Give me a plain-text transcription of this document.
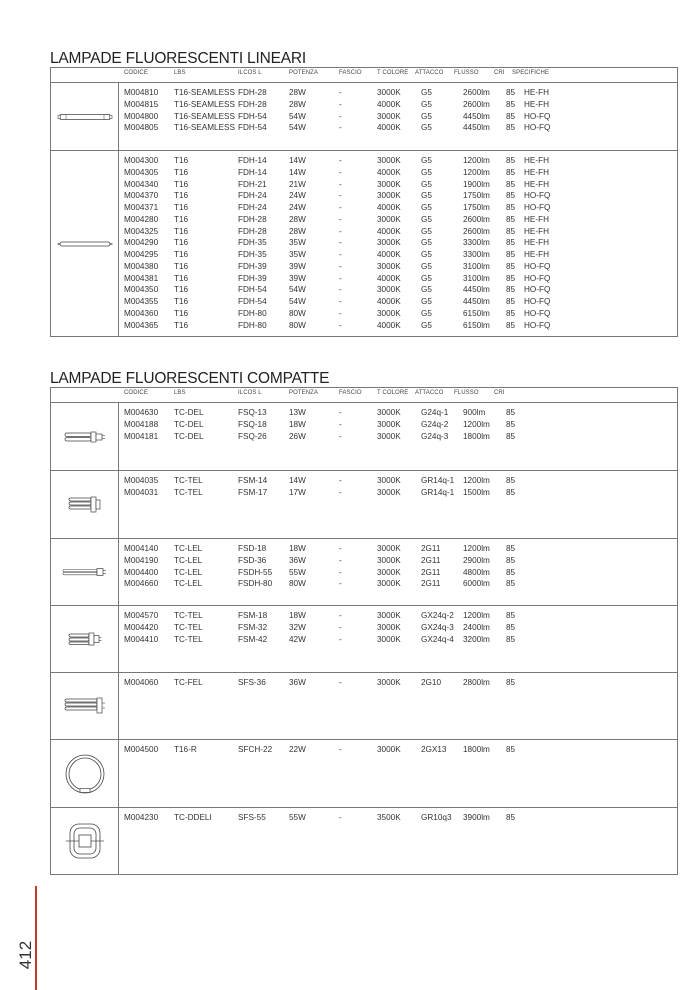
LAMPADE FLUORESCENTI LINEARI
CODICE	LBS	ILCOS L	POTENZA	FASCIO	T COLORE ATTACCO FLUSSO	CRI SPECIFICHE
M004810 T16-SEAMLESS FDH-28	28W	-	3000K G5	2600lm 85 HE-FH
M004815 T16-SEAMLESS FDH-28	28W	-	4000K G5	2600lm 85 HE-FH
M004800 T16-SEAMLESS FDH-54	54W	-	3000K G5	4450lm 85 HO-FQ
M004805 T16-SEAMLESS FDH-54	54W	-	4000K G5	4450lm 85 HO-FQ
M004300 T16	FDH-14	14W	-	3000K G5	1200lm 85 HE-FH
M004305 T16	FDH-14	14W	-	4000K G5	1200lm 85 HE-FH
M004340 T16	FDH-21	21W	-	3000K G5	1900lm 85 HE-FH
M004370 T16	FDH-24	24W	-	3000K G5	1750lm 85 HO-FQ
M004371 T16	FDH-24	24W	-	4000K G5	1750lm 85 HO-FQ
M004280 T16	FDH-28	28W	-	3000K G5	2600lm 85 HE-FH
M004325 T16	FDH-28	28W	-	4000K G5	2600lm 85 HE-FH
M004290 T16	FDH-35	35W	-	3000K G5	3300lm 85 HE-FH
M004295 T16	FDH-35	35W	-	4000K G5	3300lm 85 HE-FH
M004380 T16	FDH-39	39W	-	3000K G5	3100lm 85 HO-FQ
M004381 T16	FDH-39	39W	-	4000K G5	3100lm 85 HO-FQ
M004350 T16	FDH-54	54W	-	3000K G5	4450lm 85 HO-FQ
M004355 T16	FDH-54	54W	-	4000K G5	4450lm 85 HO-FQ
M004360 T16	FDH-80	80W	-	3000K G5	6150lm 85 HO-FQ
M004365 T16	FDH-80	80W	-	4000K G5	6150lm 85 HO-FQ
LAMPADE FLUORESCENTI COMPATTE
CODICE	LBS	ILCOS L	POTENZA	FASCIO	T COLORE ATTACCO FLUSSO	CRI
M004630 TC-DEL	FSQ-13	13W	-	3000K G24q-1 900lm	85
M004188 TC-DEL	FSQ-18	18W	-	3000K G24q-2 1200lm 85
M004181 TC-DEL	FSQ-26	26W	-	3000K G24q-3 1800lm 85
M004035 TC-TEL	FSM-14	14W	-	3000K GR14q-1 1200lm 85
M004031 TC-TEL	FSM-17	17W	-	3000K GR14q-1 1500lm 85
M004140 TC-LEL	FSD-18	18W	-	3000K 2G11	1200lm 85
M004190 TC-LEL	FSD-36	36W	-	3000K 2G11	2900lm 85
M004400 TC-LEL	FSDH-55 55W	-	3000K 2G11	4800lm 85
M004660 TC-LEL	FSDH-80 80W	-	3000K 2G11	6000lm 85
M004570 TC-TEL	FSM-18	18W	-	3000K GX24q-2 1200lm 85
M004420 TC-TEL	FSM-32	32W	-	3000K GX24q-3 2400lm 85
M004410 TC-TEL	FSM-42	42W	-	3000K GX24q-4 3200lm 85
M004060 TC-FEL	SFS-36	36W	-	3000K 2G10	2800lm 85
M004500 T16-R	SFCH-22 22W	-	3000K 2GX13 1800lm 85
M004230 TC-DDELI	SFS-55	55W	-	3500K GR10q3 3900lm 85
412
